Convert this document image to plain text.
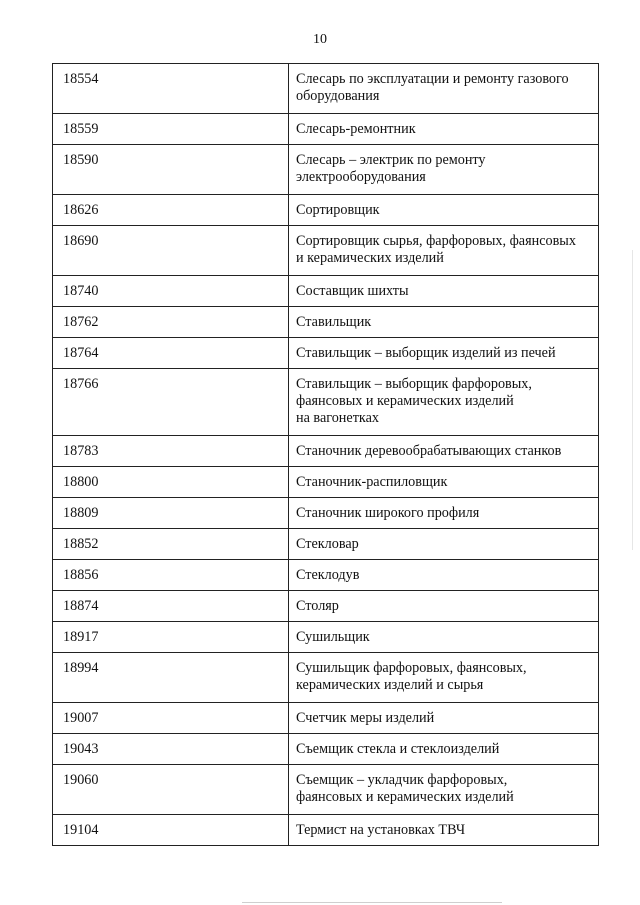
10
18554	Слесарь по эксплуатации и ремонту газового
оборудования
18559	Слесарь-ремонтник
18590	Слесарь – электрик по ремонту
электрооборудования
18626	Сортировщик
18690	Сортировщик сырья, фарфоровых, фаянсовых
и керамических изделий
18740	Составщик шихты
18762	Ставильщик
18764	Ставильщик – выборщик изделий из печей
18766	Ставильщик – выборщик фарфоровых,
фаянсовых и керамических изделий
на вагонетках
18783	Станочник деревообрабатывающих станков
18800	Станочник-распиловщик
18809	Станочник широкого профиля
18852	Стекловар
18856	Стеклодув
18874	Столяр
18917	Сушильщик
18994	Сушильщик фарфоровых, фаянсовых,
керамических изделий и сырья
19007	Счетчик меры изделий
19043	Съемщик стекла и стеклоизделий
19060	Съемщик – укладчик фарфоровых,
фаянсовых и керамических изделий
19104	Термист на установках ТВЧ
